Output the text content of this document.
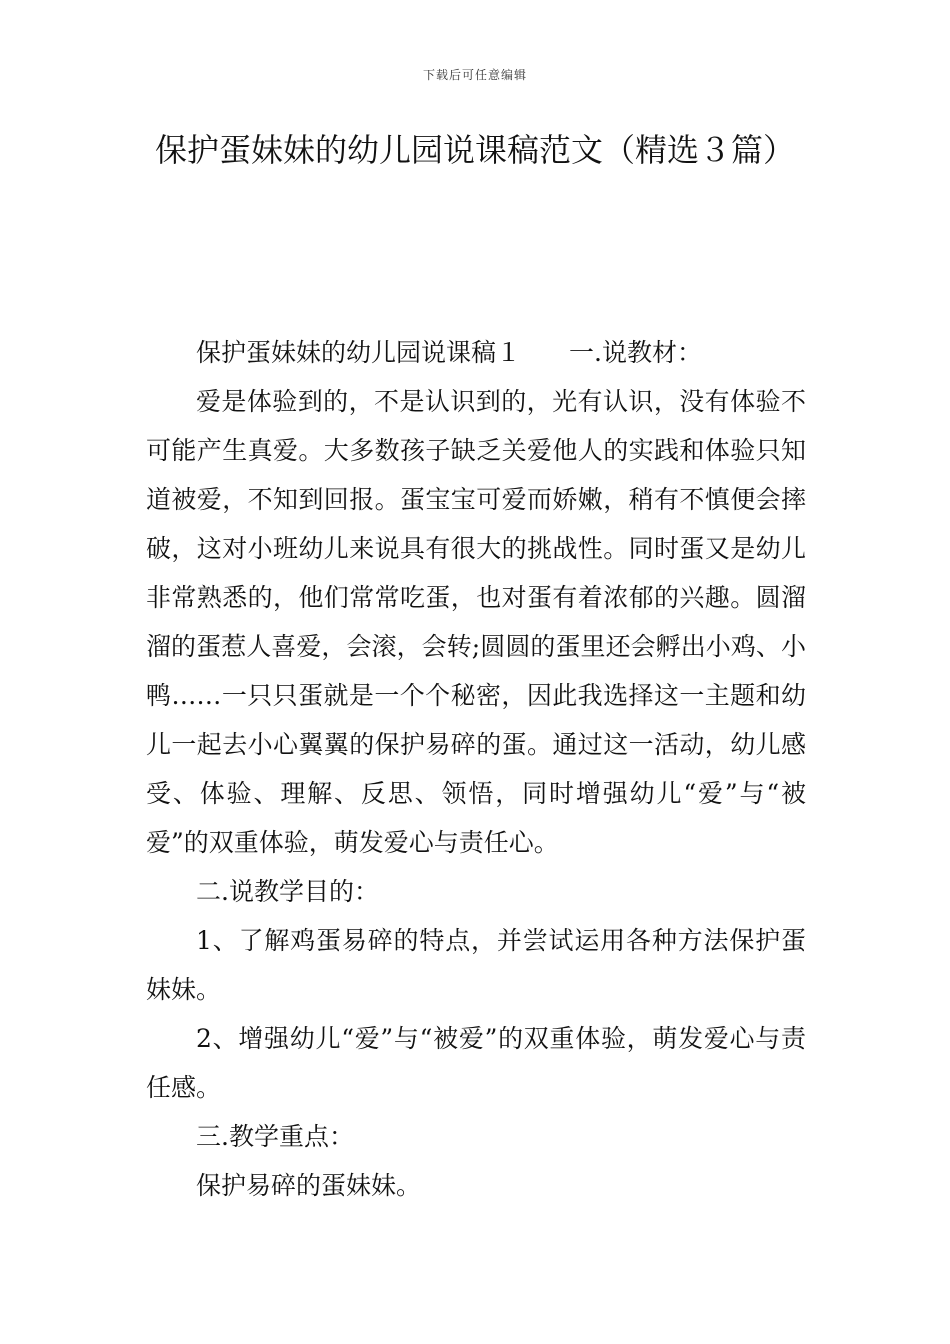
下载后可任意编辑
保护蛋妹妹的幼儿园说课稿范文（精选３篇）

保护蛋妹妹的幼儿园说课稿１ 一.说教材：

爱是体验到的，不是认识到的，光有认识，没有体验不可能产生真爱。大多数孩子缺乏关爱他人的实践和体验只知道被爱，不知到回报。蛋宝宝可爱而娇嫩，稍有不慎便会摔破，这对小班幼儿来说具有很大的挑战性。同时蛋又是幼儿非常熟悉的，他们常常吃蛋，也对蛋有着浓郁的兴趣。圆溜溜的蛋惹人喜爱，会滚，会转;圆圆的蛋里还会孵出小鸡、小鸭……一只只蛋就是一个个秘密，因此我选择这一主题和幼儿一起去小心翼翼的保护易碎的蛋。通过这一活动，幼儿感受、体验、理解、反思、领悟，同时增强幼儿“爱”与“被爱”的双重体验，萌发爱心与责任心。

二.说教学目的：

1、了解鸡蛋易碎的特点，并尝试运用各种方法保护蛋妹妹。

2、增强幼儿“爱”与“被爱”的双重体验，萌发爱心与责任感。

三.教学重点：

保护易碎的蛋妹妹。
